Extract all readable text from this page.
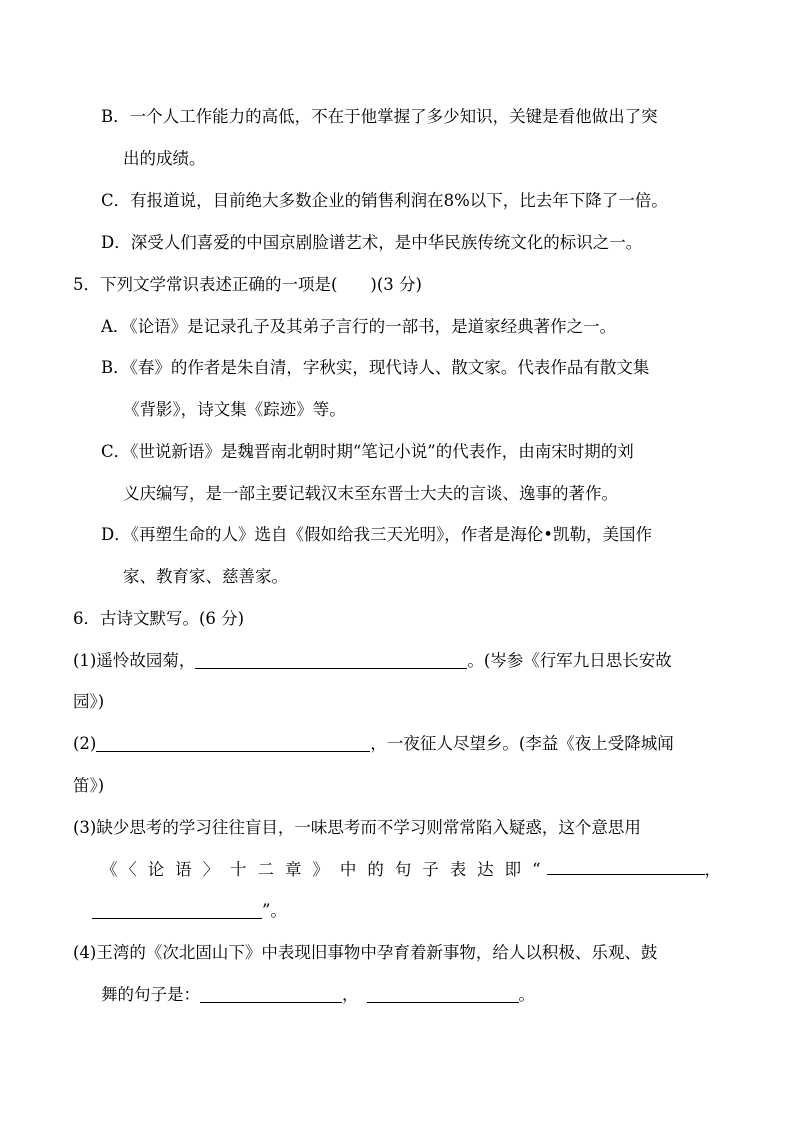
B．一个人工作能力的高低，不在于他掌握了多少知识，关键是看他做出了突
出的成绩。
C．有报道说，目前绝大多数企业的销售利润在8%以下，比去年下降了一倍。
D．深受人们喜爱的中国京剧脸谱艺术，是中华民族传统文化的标识之一。
5．下列文学常识表述正确的一项是(　　)(3 分)
A．《论语》是记录孔子及其弟子言行的一部书，是道家经典著作之一。
B．《春》的作者是朱自清，字秋实，现代诗人、散文家。代表作品有散文集
《背影》，诗文集《踪迹》等。
C．《世说新语》是魏晋南北朝时期“笔记小说”的代表作，由南宋时期的刘
义庆编写，是一部主要记载汉末至东晋士大夫的言谈、逸事的著作。
D．《再塑生命的人》选自《假如给我三天光明》，作者是海伦•凯勒，美国作
家、教育家、慈善家。
6．古诗文默写。(6 分)
(1)遥怜故园菊，	。(岑参《行军九日思长安故
园》)
(2)	，一夜征人尽望乡。(李益《夜上受降城闻
笛》)
(3)缺少思考的学习往往盲目，一味思考而不学习则常常陷入疑惑，这个意思用
《〈论语〉十二章》中的句子表达即“	，
”。
(4)王湾的《次北固山下》中表现旧事物中孕育着新事物，给人以积极、乐观、鼓
舞的句子是：	，	。
